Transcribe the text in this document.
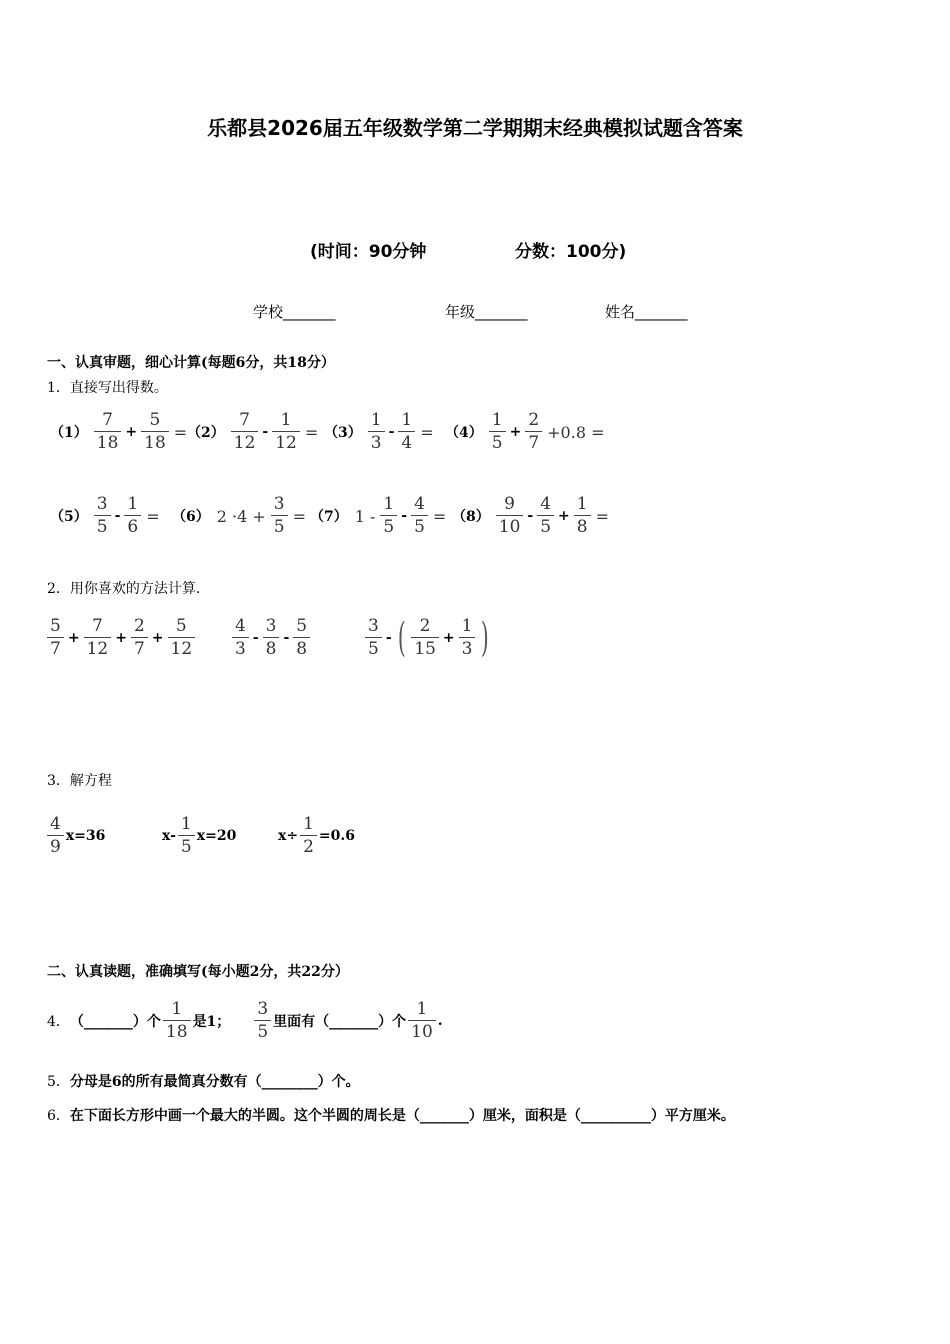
乐都县2026届五年级数学第二学期期末经典模拟试题含答案
(时间：90分钟	分数：100分)
学校_______	年级_______	姓名_______
一、认真审题，细心计算(每题6分，共18分）
1．直接写出得数。
$(1) \frac{7}{18} + \frac{5}{18} = (2) \frac{7}{12} - \frac{1}{12} = (3) \frac{1}{3} - \frac{1}{4} = (4) \frac{1}{5} + \frac{2}{7} +0.8$ =
$(5) \frac{3}{5} - \frac{1}{6} = (6)$ $2 \cdot 4 + \frac{3}{5} = (7)$ $1 - \frac{1}{5} - \frac{4}{5} = (8) \frac{9}{10} - \frac{4}{5} + \frac{1}{8}$ =
2．用你喜欢的方法计算.
$\frac{5}{7} + \frac{7}{12} + \frac{2}{7} + \frac{5}{12} \frac{4}{3} - \frac{3}{8} - \frac{5}{8}$	$\frac{3}{5}$ - ( $\frac{2}{15} + \frac{1}{3}$ )
3．解方程
$\frac{4}{9} x=36$	$x- \frac{1}{5} x=20$	$x\div \frac{1}{2} =0.6$
二、认真读题，准确填写(每小题2分，共22分）
4． （_______）个 $\frac{1}{18}$ 是1； $\frac{3}{5}$ 里面有（_______）个 $\frac{1}{10}$ .
5．分母是6的所有最简真分数有（________）个。
6．在下面长方形中画一个最大的半圆。这个半圆的周长是（_______）厘米，面积是（__________）平方厘米。
